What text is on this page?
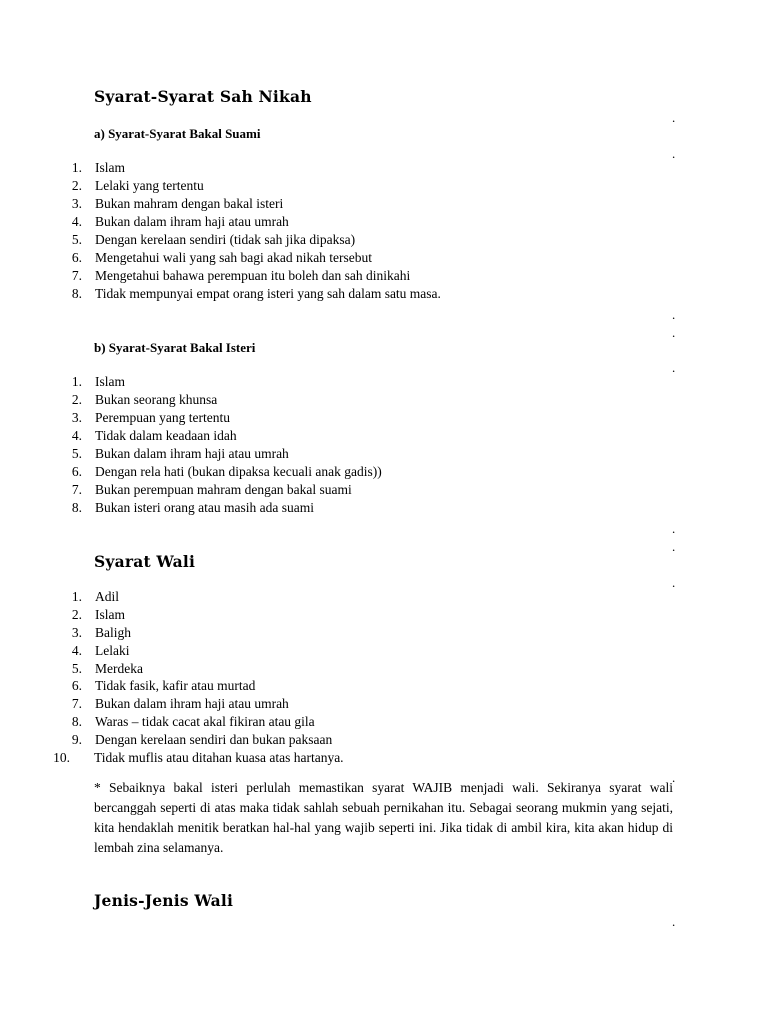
Syarat-Syarat Sah Nikah
a) Syarat-Syarat Bakal Suami
1. Islam
2. Lelaki yang tertentu
3. Bukan mahram dengan bakal isteri
4. Bukan dalam ihram haji atau umrah
5. Dengan kerelaan sendiri (tidak sah jika dipaksa)
6. Mengetahui wali yang sah bagi akad nikah tersebut
7. Mengetahui bahawa perempuan itu boleh dan sah dinikahi
8. Tidak mempunyai empat orang isteri yang sah dalam satu masa.
b) Syarat-Syarat Bakal Isteri
1. Islam
2. Bukan seorang khunsa
3. Perempuan yang tertentu
4. Tidak dalam keadaan idah
5. Bukan dalam ihram haji atau umrah
6. Dengan rela hati (bukan dipaksa kecuali anak gadis))
7. Bukan perempuan mahram dengan bakal suami
8. Bukan isteri orang atau masih ada suami
Syarat Wali
1. Adil
2. Islam
3. Baligh
4. Lelaki
5. Merdeka
6. Tidak fasik, kafir atau murtad
7. Bukan dalam ihram haji atau umrah
8. Waras – tidak cacat akal fikiran atau gila
9. Dengan kerelaan sendiri dan bukan paksaan
10. Tidak muflis atau ditahan kuasa atas hartanya.

* Sebaiknya bakal isteri perlulah memastikan syarat WAJIB menjadi wali. Sekiranya syarat wali bercanggah seperti di atas maka tidak sahlah sebuah pernikahan itu. Sebagai seorang mukmin yang sejati, kita hendaklah menitik beratkan hal-hal yang wajib seperti ini. Jika tidak di ambil kira, kita akan hidup di lembah zina selamanya.

Jenis-Jenis Wali
.
.
.
.
.
.
.
.
.
.
